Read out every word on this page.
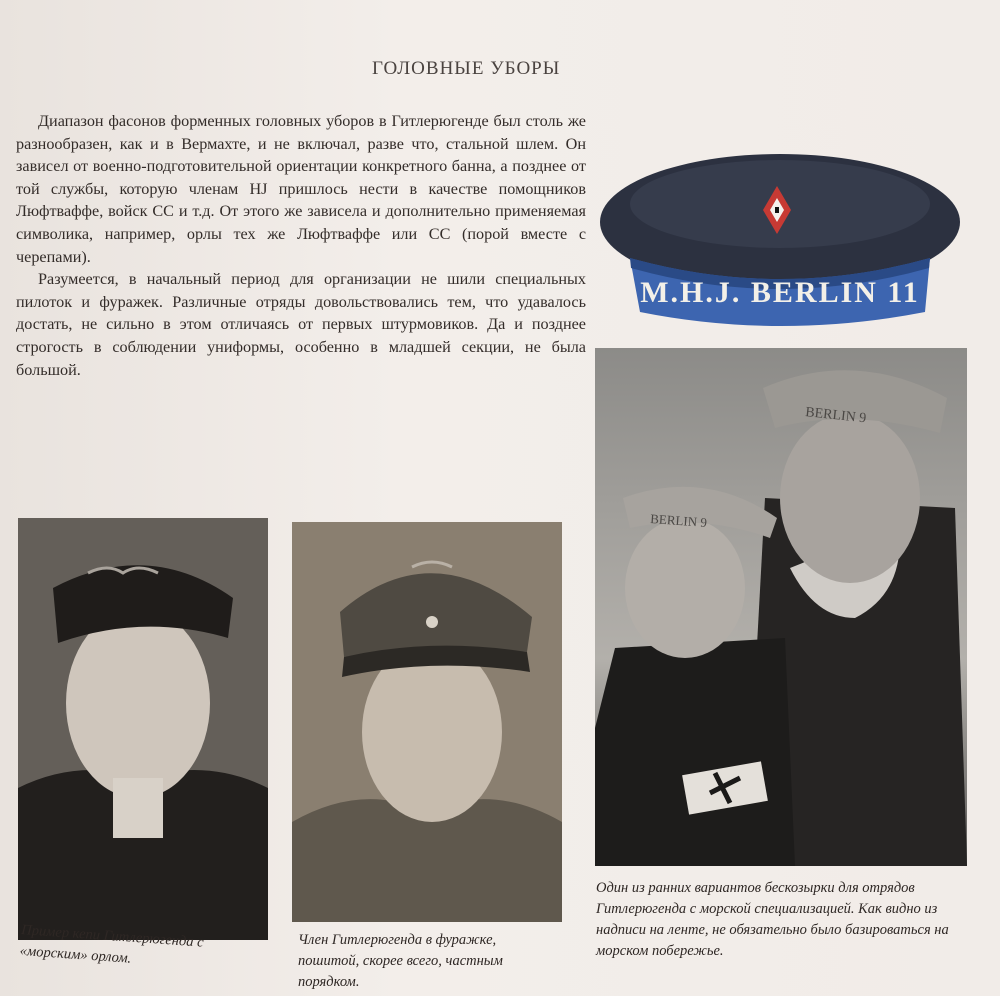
ГОЛОВНЫЕ УБОРЫ

Диапазон фасонов форменных головных уборов в Гитлерюгенде был столь же разнообразен, как и в Вермахте, и не включал, разве что, стальной шлем. Он зависел от военно-подготовительной ориентации конкретного банна, а позднее от той службы, которую членам HJ пришлось нести в качестве помощников Люфтваффе, войск СС и т.д. От этого же зависела и дополнительно применяемая символика, например, орлы тех же Люфтваффе или СС (порой вместе с черепами).

Разумеется, в начальный период для организации не шили специальных пилоток и фуражек. Различные отряды довольствовались тем, что удавалось достать, не сильно в этом отличаясь от первых штурмовиков. Да и позднее строгость в соблюдении униформы, особенно в младшей секции, не была большой.

M.H.J. BERLIN 11
BERLIN 9
BERLIN 9
Пример кепи Гитлерюгенда с «морским» орлом.
Член Гитлерюгенда в фуражке, пошитой, скорее всего, частным порядком.
Один из ранних вариантов бескозырки для отрядов Гитлерюгенда с морской специализацией. Как видно из надписи на ленте, не обязательно было базироваться на морском побережье.
